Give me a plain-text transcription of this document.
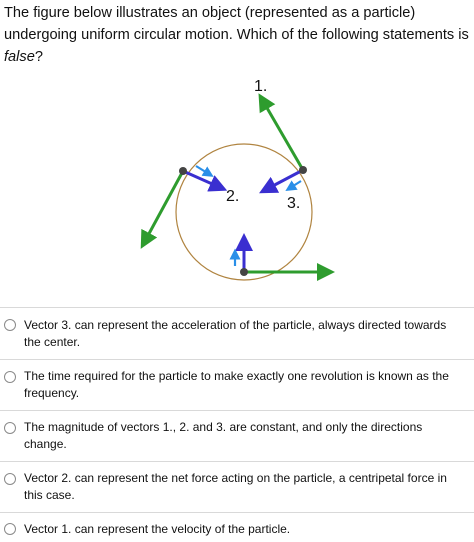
The figure below illustrates an object (represented as a particle) undergoing uniform circular motion. Which of the following statements is false?

1.
2.	3.
Vector 3. can represent the acceleration of the particle, always directed towards the center.
The time required for the particle to make exactly one revolution is known as the frequency.
The magnitude of vectors 1., 2. and 3. are constant, and only the directions change.
Vector 2. can represent the net force acting on the particle, a centripetal force in this case.
Vector 1. can represent the velocity of the particle.
